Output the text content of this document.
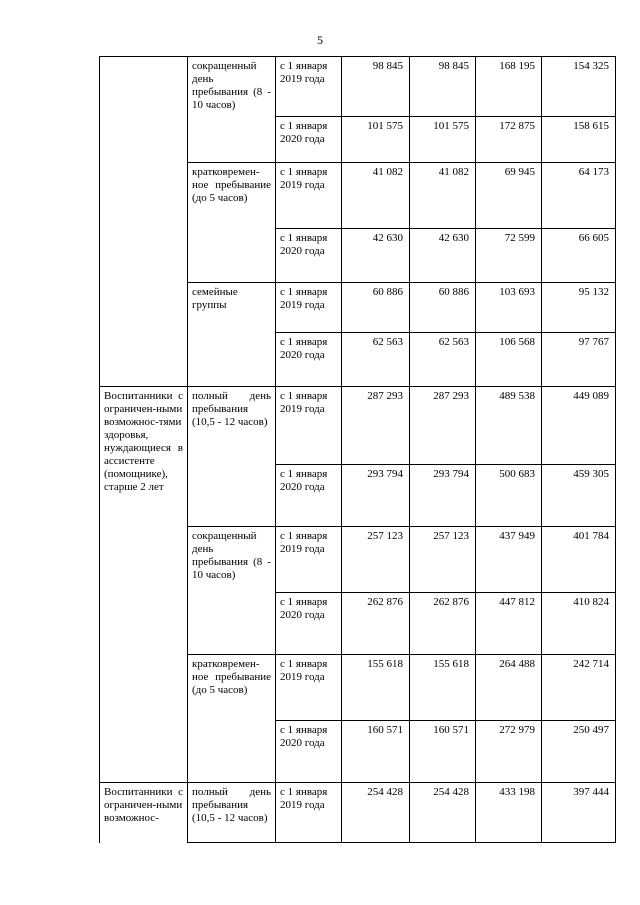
5
	сокращенный день пребывания (8 - 10 часов)	с 1 января 2019 года	98 845	98 845	168 195	154 325
		с 1 января 2020 года	101 575	101 575	172 875	158 615
	кратковремен-ное пребывание (до 5 часов)	с 1 января 2019 года	41 082	41 082	69 945	64 173
		с 1 января 2020 года	42 630	42 630	72 599	66 605
	семейные группы	с 1 января 2019 года	60 886	60 886	103 693	95 132
		с 1 января 2020 года	62 563	62 563	106 568	97 767
Воспитанники с ограничен-ными возможнос-тями здоровья, нуждающиеся в ассистенте (помощнике), старше 2 лет	полный день пребывания (10,5 - 12 часов)	с 1 января 2019 года	287 293	287 293	489 538	449 089
		с 1 января 2020 года	293 794	293 794	500 683	459 305
	сокращенный день пребывания (8 - 10 часов)	с 1 января 2019 года	257 123	257 123	437 949	401 784
		с 1 января 2020 года	262 876	262 876	447 812	410 824
	кратковремен-ное пребывание (до 5 часов)	с 1 января 2019 года	155 618	155 618	264 488	242 714
		с 1 января 2020 года	160 571	160 571	272 979	250 497
Воспитанники с ограничен-ными возможнос-	полный день пребывания (10,5 - 12 часов)	с 1 января 2019 года	254 428	254 428	433 198	397 444
